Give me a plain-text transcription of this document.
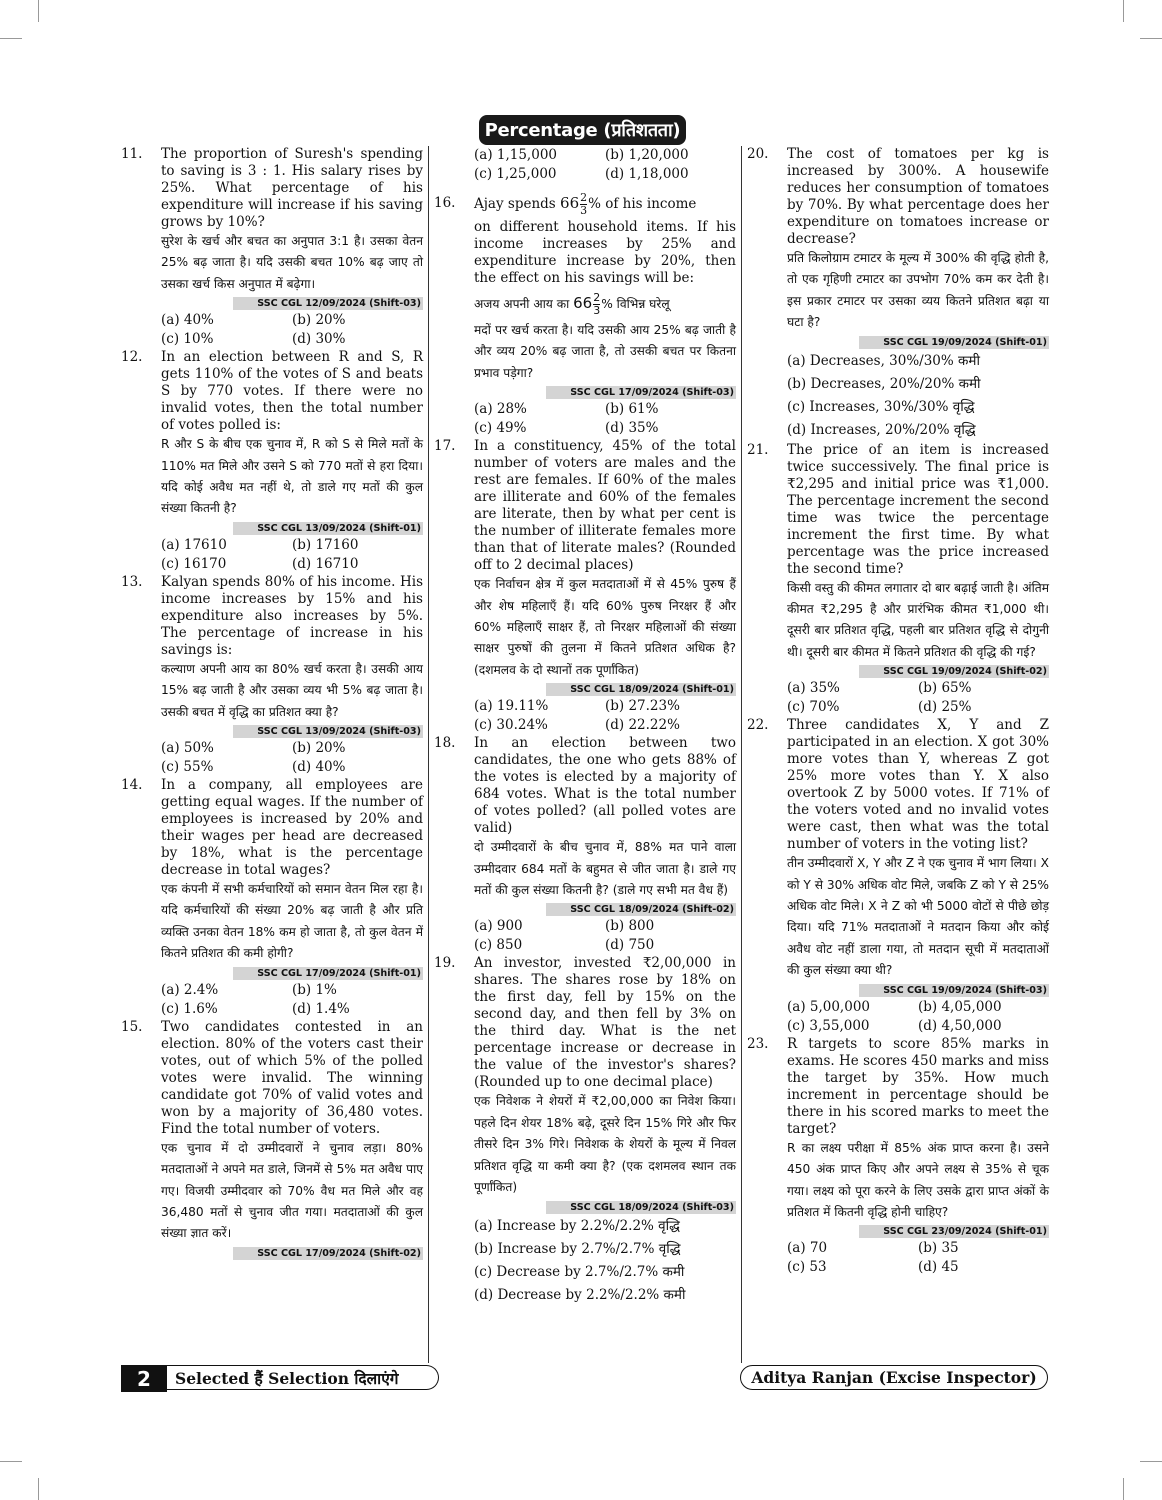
Percentage (प्रतिशतता)
11.	The proportion of Suresh's spending to saving is 3 : 1. His salary rises by 25%. What percentage of his expenditure will increase if his saving grows by 10%?

सुरेश के खर्च और बचत का अनुपात 3:1 है। उसका वेतन 25% बढ़ जाता है। यदि उसकी बचत 10% बढ़ जाए तो उसका खर्च किस अनुपात में बढ़ेगा।

SSC CGL 12/09/2024 (Shift-03)
(a) 40%	(b) 20%
(c) 10%	(d) 30%
12.	In an election between R and S, R gets 110% of the votes of S and beats S by 770 votes. If there were no invalid votes, then the total number of votes polled is:

R और S के बीच एक चुनाव में, R को S से मिले मतों के 110% मत मिले और उसने S को 770 मतों से हरा दिया। यदि कोई अवैध मत नहीं थे, तो डाले गए मतों की कुल संख्या कितनी है?

SSC CGL 13/09/2024 (Shift-01)
(a) 17610	(b) 17160
(c) 16170	(d) 16710
13.	Kalyan spends 80% of his income. His income increases by 15% and his expenditure also increases by 5%. The percentage of increase in his savings is:

कल्याण अपनी आय का 80% खर्च करता है। उसकी आय 15% बढ़ जाती है और उसका व्यय भी 5% बढ़ जाता है। उसकी बचत में वृद्धि का प्रतिशत क्या है?

SSC CGL 13/09/2024 (Shift-03)
(a) 50%	(b) 20%
(c) 55%	(d) 40%
14.	In a company, all employees are getting equal wages. If the number of employees is increased by 20% and their wages per head are decreased by 18%, what is the percentage decrease in total wages?

एक कंपनी में सभी कर्मचारियों को समान वेतन मिल रहा है। यदि कर्मचारियों की संख्या 20% बढ़ जाती है और प्रति व्यक्ति उनका वेतन 18% कम हो जाता है, तो कुल वेतन में कितने प्रतिशत की कमी होगी?

SSC CGL 17/09/2024 (Shift-01)
(a) 2.4%	(b) 1%
(c) 1.6%	(d) 1.4%
15.	Two candidates contested in an election. 80% of the voters cast their votes, out of which 5% of the polled votes were invalid. The winning candidate got 70% of valid votes and won by a majority of 36,480 votes. Find the total number of voters.

एक चुनाव में दो उम्मीदवारों ने चुनाव लड़ा। 80% मतदाताओं ने अपने मत डाले, जिनमें से 5% मत अवैध पाए गए। विजयी उम्मीदवार को 70% वैध मत मिले और वह 36,480 मतों से चुनाव जीत गया। मतदाताओं की कुल संख्या ज्ञात करें।

SSC CGL 17/09/2024 (Shift-02)
(a) 1,15,000	(b) 1,20,000
(c) 1,25,000	(d) 1,18,000
16.	Ajay spends $66 \frac{2}{3}$ % of his income

on different household items. If his income increases by 25% and expenditure increase by 20%, then the effect on his savings will be:

अजय अपनी आय का $66 \frac{2}{3}$ % विभिन्न घरेलू

मदों पर खर्च करता है। यदि उसकी आय 25% बढ़ जाती है और व्यय 20% बढ़ जाता है, तो उसकी बचत पर कितना प्रभाव पड़ेगा?

SSC CGL 17/09/2024 (Shift-03)
(a) 28%	(b) 61%
(c) 49%	(d) 35%
17.	In a constituency, 45% of the total number of voters are males and the rest are females. If 60% of the males are illiterate and 60% of the females are literate, then by what per cent is the number of illiterate females more than that of literate males? (Rounded off to 2 decimal places)

एक निर्वाचन क्षेत्र में कुल मतदाताओं में से 45% पुरुष हैं और शेष महिलाएँ हैं। यदि 60% पुरुष निरक्षर हैं और 60% महिलाएँ साक्षर हैं, तो निरक्षर महिलाओं की संख्या साक्षर पुरुषों की तुलना में कितने प्रतिशत अधिक है? (दशमलव के दो स्थानों तक पूर्णांकित)

SSC CGL 18/09/2024 (Shift-01)
(a) 19.11%	(b) 27.23%
(c) 30.24%	(d) 22.22%
18.	In an election between two candidates, the one who gets 88% of the votes is elected by a majority of 684 votes. What is the total number of votes polled? (all polled votes are valid)

दो उम्मीदवारों के बीच चुनाव में, 88% मत पाने वाला उम्मीदवार 684 मतों के बहुमत से जीत जाता है। डाले गए मतों की कुल संख्या कितनी है? (डाले गए सभी मत वैध हैं)

SSC CGL 18/09/2024 (Shift-02)
(a) 900	(b) 800
(c) 850	(d) 750
19.	An investor, invested ₹2,00,000 in shares. The shares rose by 18% on the first day, fell by 15% on the second day, and then fell by 3% on the third day. What is the net percentage increase or decrease in the value of the investor's shares? (Rounded up to one decimal place)

एक निवेशक ने शेयरों में ₹2,00,000 का निवेश किया। पहले दिन शेयर 18% बढ़े, दूसरे दिन 15% गिरे और फिर तीसरे दिन 3% गिरे। निवेशक के शेयरों के मूल्य में निवल प्रतिशत वृद्धि या कमी क्या है? (एक दशमलव स्थान तक पूर्णांकित)

SSC CGL 18/09/2024 (Shift-03)
(a) Increase by 2.2%/2.2% वृद्धि
(b) Increase by 2.7%/2.7% वृद्धि
(c) Decrease by 2.7%/2.7% कमी
(d) Decrease by 2.2%/2.2% कमी
20.	The cost of tomatoes per kg is increased by 300%. A housewife reduces her consumption of tomatoes by 70%. By what percentage does her expenditure on tomatoes increase or decrease?

प्रति किलोग्राम टमाटर के मूल्य में 300% की वृद्धि होती है, तो एक गृहिणी टमाटर का उपभोग 70% कम कर देती है। इस प्रकार टमाटर पर उसका व्यय कितने प्रतिशत बढ़ा या घटा है?

SSC CGL 19/09/2024 (Shift-01)
(a) Decreases, 30%/30% कमी
(b) Decreases, 20%/20% कमी
(c) Increases, 30%/30% वृद्धि
(d) Increases, 20%/20% वृद्धि
21.	The price of an item is increased twice successively. The final price is ₹2,295 and initial price was ₹1,000. The percentage increment the second time was twice the percentage increment the first time. By what percentage was the price increased the second time?

किसी वस्तु की कीमत लगातार दो बार बढ़ाई जाती है। अंतिम कीमत ₹2,295 है और प्रारंभिक कीमत ₹1,000 थी। दूसरी बार प्रतिशत वृद्धि, पहली बार प्रतिशत वृद्धि से दोगुनी थी। दूसरी बार कीमत में कितने प्रतिशत की वृद्धि की गई?

SSC CGL 19/09/2024 (Shift-02)
(a) 35%	(b) 65%
(c) 70%	(d) 25%
22.	Three candidates X, Y and Z participated in an election. X got 30% more votes than Y, whereas Z got 25% more votes than Y. X also overtook Z by 5000 votes. If 71% of the voters voted and no invalid votes were cast, then what was the total number of voters in the voting list?

तीन उम्मीदवारों X, Y और Z ने एक चुनाव में भाग लिया। X को Y से 30% अधिक वोट मिले, जबकि Z को Y से 25% अधिक वोट मिले। X ने Z को भी 5000 वोटों से पीछे छोड़ दिया। यदि 71% मतदाताओं ने मतदान किया और कोई अवैध वोट नहीं डाला गया, तो मतदान सूची में मतदाताओं की कुल संख्या क्या थी?

SSC CGL 19/09/2024 (Shift-03)
(a) 5,00,000	(b) 4,05,000
(c) 3,55,000	(d) 4,50,000
23.	R targets to score 85% marks in exams. He scores 450 marks and miss the target by 35%. How much increment in percentage should be there in his scored marks to meet the target?

R का लक्ष्य परीक्षा में 85% अंक प्राप्त करना है। उसने 450 अंक प्राप्त किए और अपने लक्ष्य से 35% से चूक गया। लक्ष्य को पूरा करने के लिए उसके द्वारा प्राप्त अंकों के प्रतिशत में कितनी वृद्धि होनी चाहिए?

SSC CGL 23/09/2024 (Shift-01)
(a) 70	(b) 35
(c) 53	(d) 45
2	Selected हैं Selection दिलाएंगे	Aditya Ranjan (Excise Inspector)
